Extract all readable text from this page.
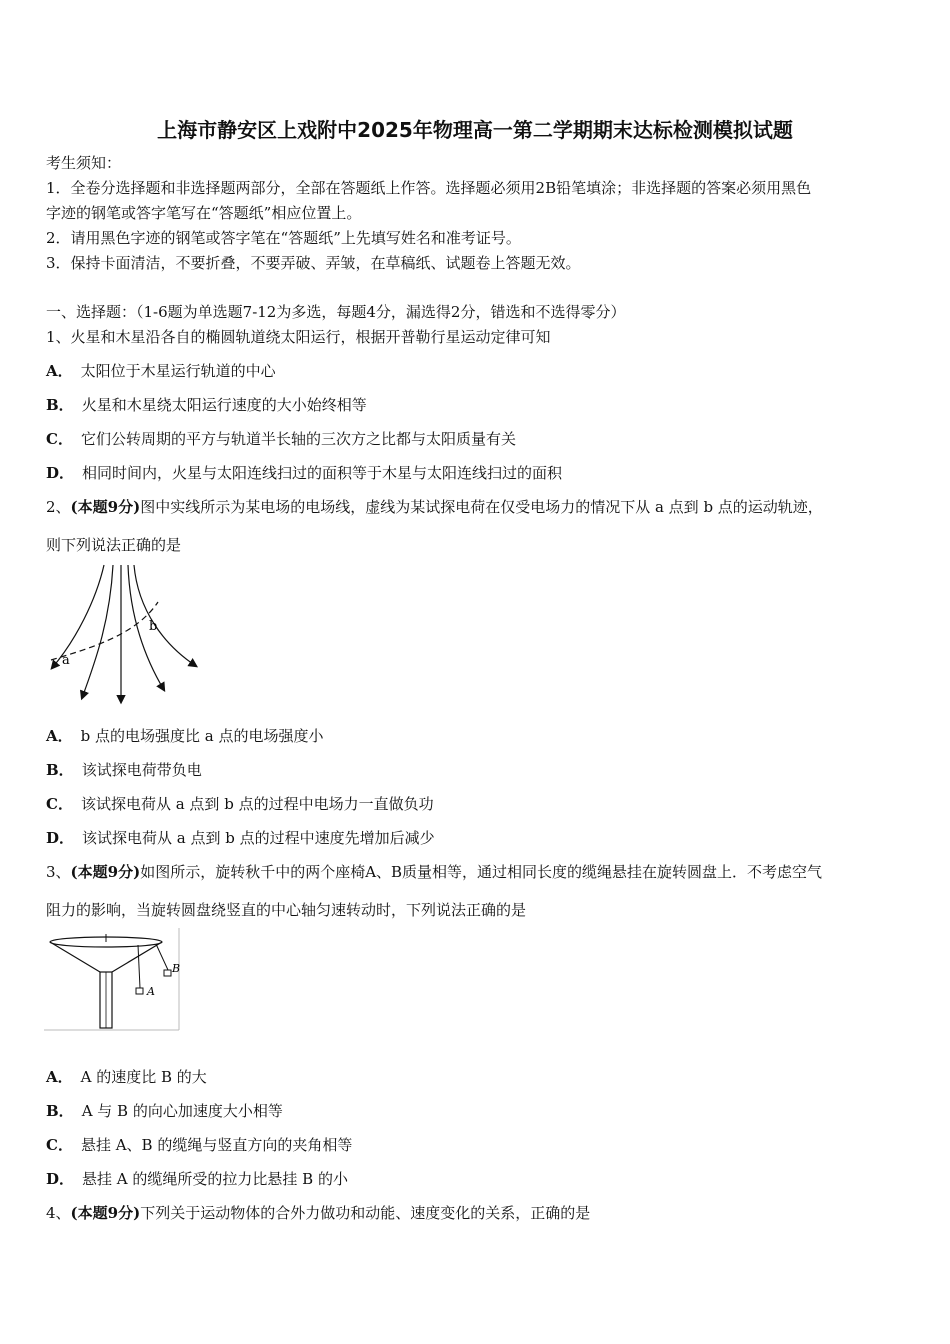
上海市静安区上戏附中2025年物理高一第二学期期末达标检测模拟试题
考生须知：
1．全卷分选择题和非选择题两部分，全部在答题纸上作答。选择题必须用2B铅笔填涂；非选择题的答案必须用黑色
字迹的钢笔或答字笔写在“答题纸”相应位置上。
2．请用黑色字迹的钢笔或答字笔在“答题纸”上先填写姓名和准考证号。
3．保持卡面清洁，不要折叠，不要弄破、弄皱，在草稿纸、试题卷上答题无效。
一、选择题：（1-6题为单选题7-12为多选，每题4分，漏选得2分，错选和不选得零分）
1、火星和木星沿各自的椭圆轨道绕太阳运行，根据开普勒行星运动定律可知
A． 太阳位于木星运行轨道的中心
B． 火星和木星绕太阳运行速度的大小始终相等
C． 它们公转周期的平方与轨道半长轴的三次方之比都与太阳质量有关
D． 相同时间内，火星与太阳连线扫过的面积等于木星与太阳连线扫过的面积
2、(本题9分)图中实线所示为某电场的电场线，虚线为某试探电荷在仅受电场力的情况下从 a 点到 b 点的运动轨迹，
则下列说法正确的是
a
b
A． b 点的电场强度比 a 点的电场强度小
B． 该试探电荷带负电
C． 该试探电荷从 a 点到 b 点的过程中电场力一直做负功
D． 该试探电荷从 a 点到 b 点的过程中速度先增加后减少
3、(本题9分)如图所示，旋转秋千中的两个座椅A、B质量相等，通过相同长度的缆绳悬挂在旋转圆盘上．不考虑空气
阻力的影响，当旋转圆盘绕竖直的中心轴匀速转动时，下列说法正确的是
A
B
A． A 的速度比 B 的大
B． A 与 B 的向心加速度大小相等
C． 悬挂 A、B 的缆绳与竖直方向的夹角相等
D． 悬挂 A 的缆绳所受的拉力比悬挂 B 的小
4、(本题9分)下列关于运动物体的合外力做功和动能、速度变化的关系，正确的是
